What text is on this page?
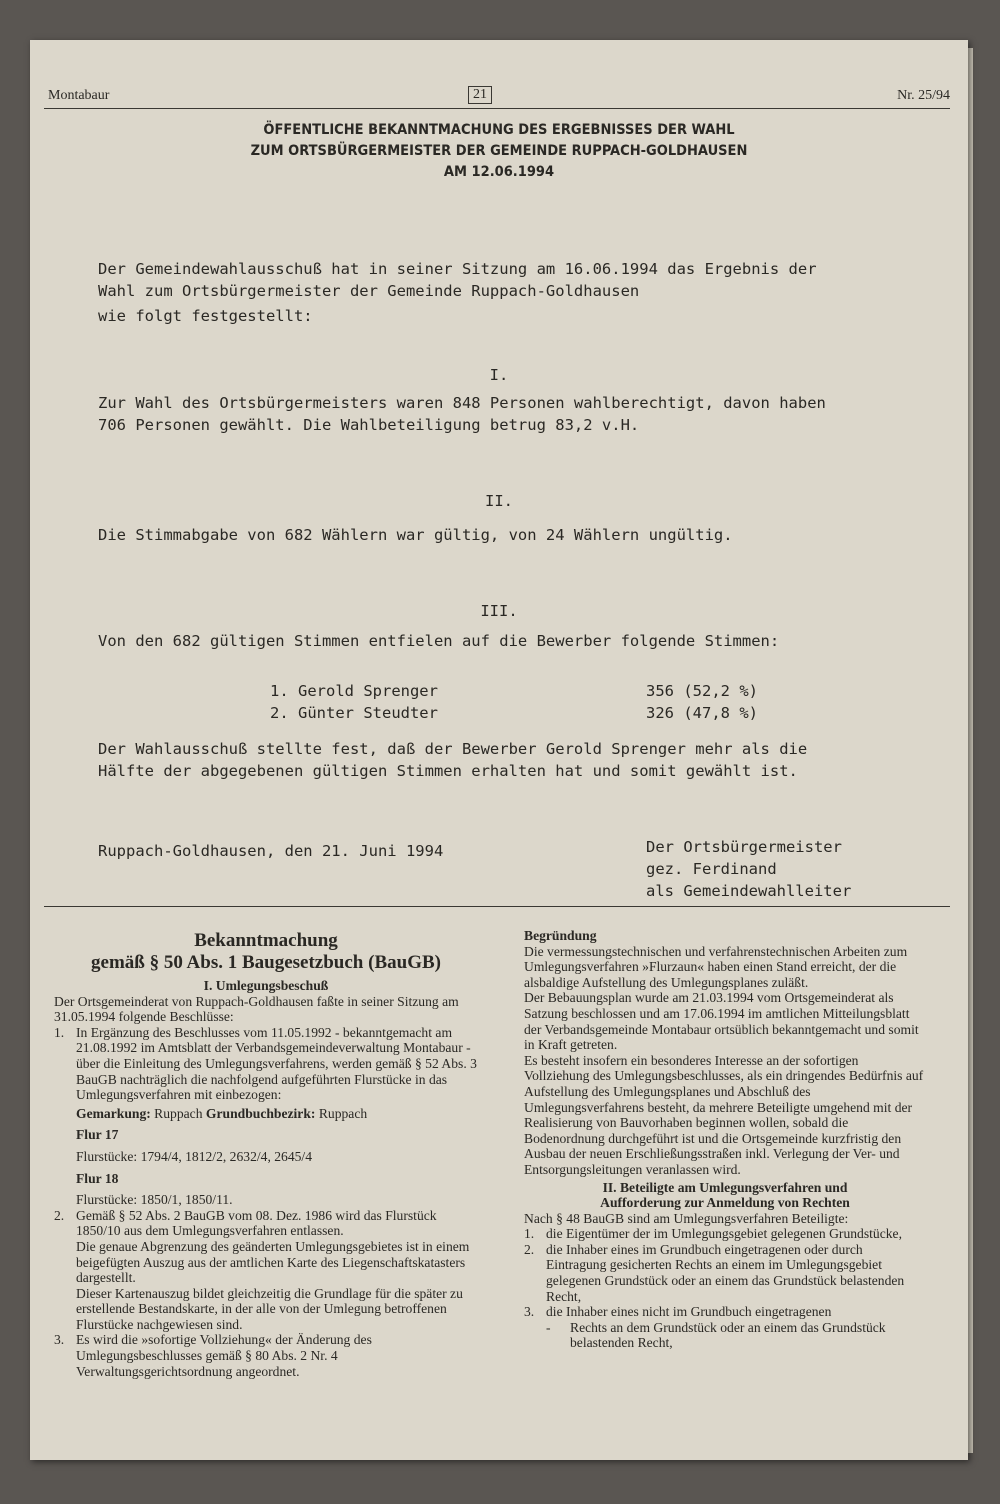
Montabaur	21	Nr. 25/94
ÖFFENTLICHE BEKANNTMACHUNG DES ERGEBNISSES DER WAHL
ZUM ORTSBÜRGERMEISTER DER GEMEINDE RUPPACH-GOLDHAUSEN
AM 12.06.1994
Der Gemeindewahlausschuß hat in seiner Sitzung am 16.06.1994 das Ergebnis der
Wahl zum Ortsbürgermeister der Gemeinde Ruppach-Goldhausen
wie folgt festgestellt:
I.
Zur Wahl des Ortsbürgermeisters waren 848 Personen wahlberechtigt, davon haben
706 Personen gewählt. Die Wahlbeteiligung betrug 83,2 v.H.
II.
Die Stimmabgabe von 682 Wählern war gültig, von 24 Wählern ungültig.
III.
Von den 682 gültigen Stimmen entfielen auf die Bewerber folgende Stimmen:
1. Gerold Sprenger	356 (52,2 %)
2. Günter Steudter	326 (47,8 %)
Der Wahlausschuß stellte fest, daß der Bewerber Gerold Sprenger mehr als die
Hälfte der abgegebenen gültigen Stimmen erhalten hat und somit gewählt ist.
Ruppach-Goldhausen, den 21. Juni 1994	Der Ortsbürgermeister
gez. Ferdinand
als Gemeindewahlleiter
Bekanntmachung
gemäß § 50 Abs. 1 Baugesetzbuch (BauGB)
I. Umlegungsbeschuß

Der Ortsgemeinderat von Ruppach-Goldhausen faßte in seiner Sitzung am 31.05.1994 folgende Beschlüsse:

1. In Ergänzung des Beschlusses vom 11.05.1992 - bekanntgemacht am 21.08.1992 im Amtsblatt der Verbandsgemeindeverwaltung Montabaur - über die Einleitung des Umlegungsverfahrens, werden gemäß § 52 Abs. 3 BauGB nachträglich die nachfolgend aufgeführten Flurstücke in das Umlegungsverfahren mit einbezogen:
Gemarkung: Ruppach Grundbuchbezirk: Ruppach
Flur 17
Flurstücke: 1794/4, 1812/2, 2632/4, 2645/4
Flur 18
Flurstücke: 1850/1, 1850/11.
2. Gemäß § 52 Abs. 2 BauGB vom 08. Dez. 1986 wird das Flurstück 1850/10 aus dem Umlegungsverfahren entlassen.
Die genaue Abgrenzung des geänderten Umlegungsgebietes ist in einem beigefügten Auszug aus der amtlichen Karte des Liegenschaftskatasters dargestellt.
Dieser Kartenauszug bildet gleichzeitig die Grundlage für die später zu erstellende Bestandskarte, in der alle von der Umlegung betroffenen Flurstücke nachgewiesen sind.
3. Es wird die »sofortige Vollziehung« der Änderung des Umlegungsbeschlusses gemäß § 80 Abs. 2 Nr. 4 Verwaltungsgerichtsordnung angeordnet.
Begründung

Die vermessungstechnischen und verfahrenstechnischen Arbeiten zum Umlegungsverfahren »Flurzaun« haben einen Stand erreicht, der die alsbaldige Aufstellung des Umlegungsplanes zuläßt.

Der Bebauungsplan wurde am 21.03.1994 vom Ortsgemeinderat als Satzung beschlossen und am 17.06.1994 im amtlichen Mitteilungsblatt der Verbandsgemeinde Montabaur ortsüblich bekanntgemacht und somit in Kraft getreten.

Es besteht insofern ein besonderes Interesse an der sofortigen Vollziehung des Umlegungsbeschlusses, als ein dringendes Bedürfnis auf Aufstellung des Umlegungsplanes und Abschluß des Umlegungsverfahrens besteht, da mehrere Beteiligte umgehend mit der Realisierung von Bauvorhaben beginnen wollen, sobald die Bodenordnung durchgeführt ist und die Ortsgemeinde kurzfristig den Ausbau der neuen Erschließungsstraßen inkl. Verlegung der Ver- und Entsorgungsleitungen veranlassen wird.

II. Beteiligte am Umlegungsverfahren und
Aufforderung zur Anmeldung von Rechten

Nach § 48 BauGB sind am Umlegungsverfahren Beteiligte:

1. die Eigentümer der im Umlegungsgebiet gelegenen Grundstücke,
2. die Inhaber eines im Grundbuch eingetragenen oder durch Eintragung gesicherten Rechts an einem im Umlegungsgebiet gelegenen Grundstück oder an einem das Grundstück belastenden Recht,
3. die Inhaber eines nicht im Grundbuch eingetragenen
-	Rechts an dem Grundstück oder an einem das Grundstück belastenden Recht,
